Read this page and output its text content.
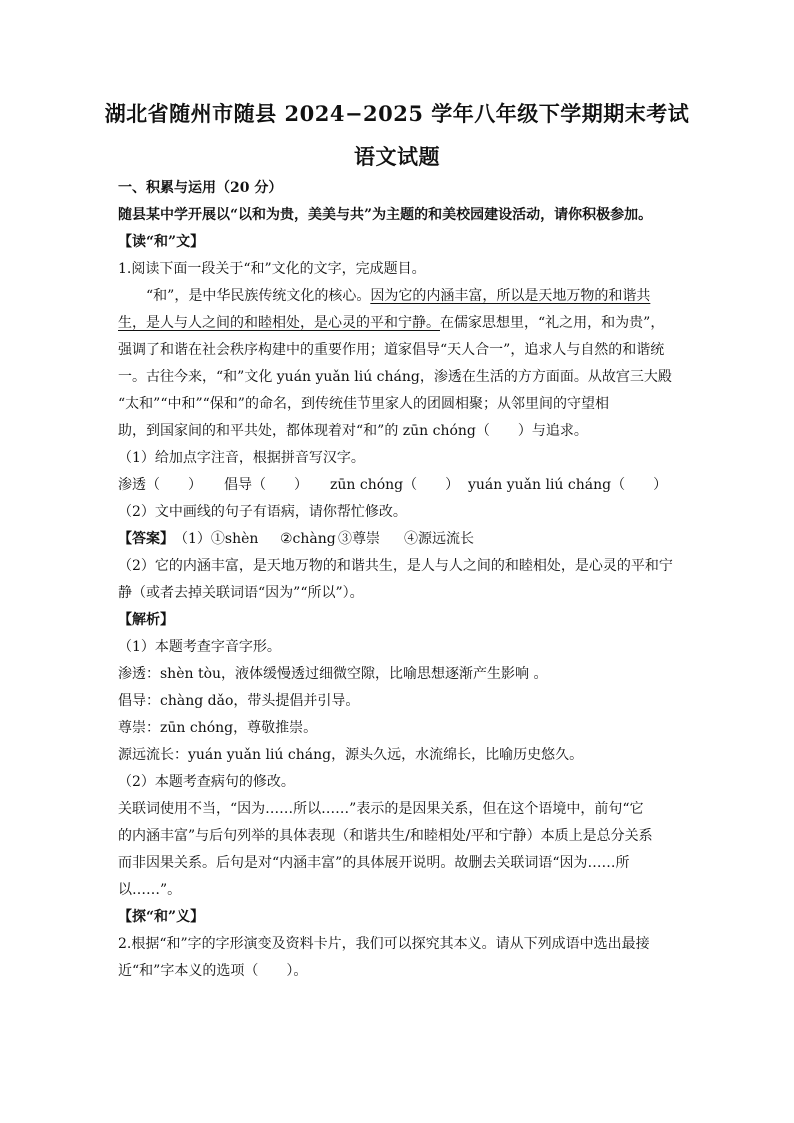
湖北省随州市随县 2024−2025 学年八年级下学期期末考试
语文试题
一、积累与运用（20 分）
随县某中学开展以“以和为贵，美美与共”为主题的和美校园建设活动，请你积极参加。
【读“和”文】
1.阅读下面一段关于“和”文化的文字，完成题目。
“和”，是中华民族传统文化的核心。因为它的内涵丰富，所以是天地万物的和谐共
生，是人与人之间的和睦相处，是心灵的平和宁静。在儒家思想里，“礼之用，和为贵”，
强调了和谐在社会秩序构建中的重要作用；道家倡导“天人合一”，追求人与自然的和谐统
一。古往今来，“和”文化 yuán yuǎn liú cháng，渗透在生活的方方面面。从故宫三大殿
“太和”“中和”“保和”的命名，到传统佳节里家人的团圆相聚；从邻里间的守望相
助，到国家间的和平共处，都体现着对“和”的 zūn chóng（　　）与追求。
（1）给加点字注音，根据拼音写汉字。
渗透（　　） 倡导（　　） zūn chóng（　　） yuán yuǎn liú cháng（　　）
（2）文中画线的句子有语病，请你帮忙修改。
【答案】（1）①shèn ②chàng ③尊崇 ④源远流长
（2）它的内涵丰富，是天地万物的和谐共生，是人与人之间的和睦相处，是心灵的平和宁
静（或者去掉关联词语“因为”“所以”）。
【解析】
（1）本题考查字音字形。
渗透：shèn tòu，液体缓慢透过细微空隙，比喻思想逐渐产生影响 。
倡导：chàng dǎo，带头提倡并引导。
尊崇：zūn chóng，尊敬推崇。
源远流长：yuán yuǎn liú cháng，源头久远，水流绵长，比喻历史悠久。
（2）本题考查病句的修改。
关联词使用不当，“因为……所以……”表示的是因果关系，但在这个语境中，前句“它
的内涵丰富”与后句列举的具体表现（和谐共生/和睦相处/平和宁静）本质上是总分关系
而非因果关系。后句是对“内涵丰富”的具体展开说明。故删去关联词语“因为……所
以……”。
【探“和”义】
2.根据“和”字的字形演变及资料卡片，我们可以探究其本义。请从下列成语中选出最接
近“和”字本义的选项（　　）。
